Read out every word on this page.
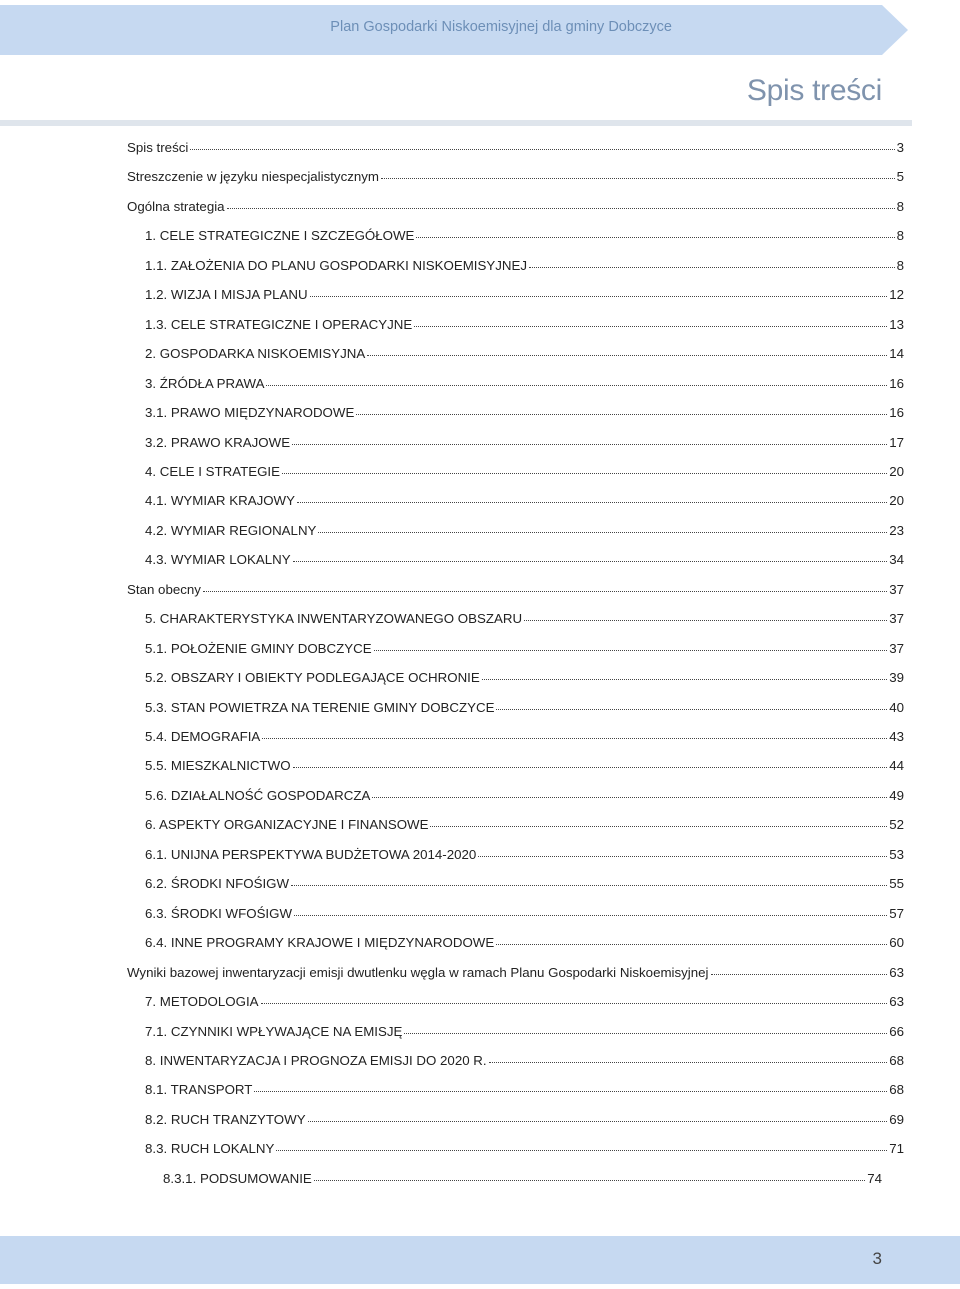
Plan Gospodarki Niskoemisyjnej dla gminy Dobczyce
Spis treści
Spis treści	3
Streszczenie w języku niespecjalistycznym	5
Ogólna strategia	8
1. CELE STRATEGICZNE I SZCZEGÓŁOWE	8
1.1. ZAŁOŻENIA DO PLANU GOSPODARKI NISKOEMISYJNEJ	8
1.2. WIZJA I MISJA PLANU	12
1.3. CELE STRATEGICZNE I OPERACYJNE	13
2. GOSPODARKA NISKOEMISYJNA	14
3. ŹRÓDŁA PRAWA	16
3.1. PRAWO MIĘDZYNARODOWE	16
3.2. PRAWO KRAJOWE	17
4. CELE I STRATEGIE	20
4.1. WYMIAR KRAJOWY	20
4.2. WYMIAR REGIONALNY	23
4.3. WYMIAR LOKALNY	34
Stan obecny	37
5. CHARAKTERYSTYKA INWENTARYZOWANEGO OBSZARU	37
5.1. POŁOŻENIE GMINY DOBCZYCE	37
5.2. OBSZARY I OBIEKTY PODLEGAJĄCE OCHRONIE	39
5.3. STAN POWIETRZA NA TERENIE GMINY DOBCZYCE	40
5.4. DEMOGRAFIA	43
5.5. MIESZKALNICTWO	44
5.6. DZIAŁALNOŚĆ GOSPODARCZA	49
6. ASPEKTY ORGANIZACYJNE I FINANSOWE	52
6.1. UNIJNA PERSPEKTYWA BUDŻETOWA 2014-2020	53
6.2. ŚRODKI NFOŚIGW	55
6.3. ŚRODKI WFOŚIGW	57
6.4. INNE PROGRAMY KRAJOWE I MIĘDZYNARODOWE	60
Wyniki bazowej inwentaryzacji emisji dwutlenku węgla w ramach Planu Gospodarki Niskoemisyjnej	63
7. METODOLOGIA	63
7.1. CZYNNIKI WPŁYWAJĄCE NA EMISJĘ	66
8. INWENTARYZACJA I PROGNOZA EMISJI DO 2020 R.	68
8.1. TRANSPORT	68
8.2. RUCH TRANZYTOWY	69
8.3. RUCH LOKALNY	71
8.3.1. PODSUMOWANIE	74
3
